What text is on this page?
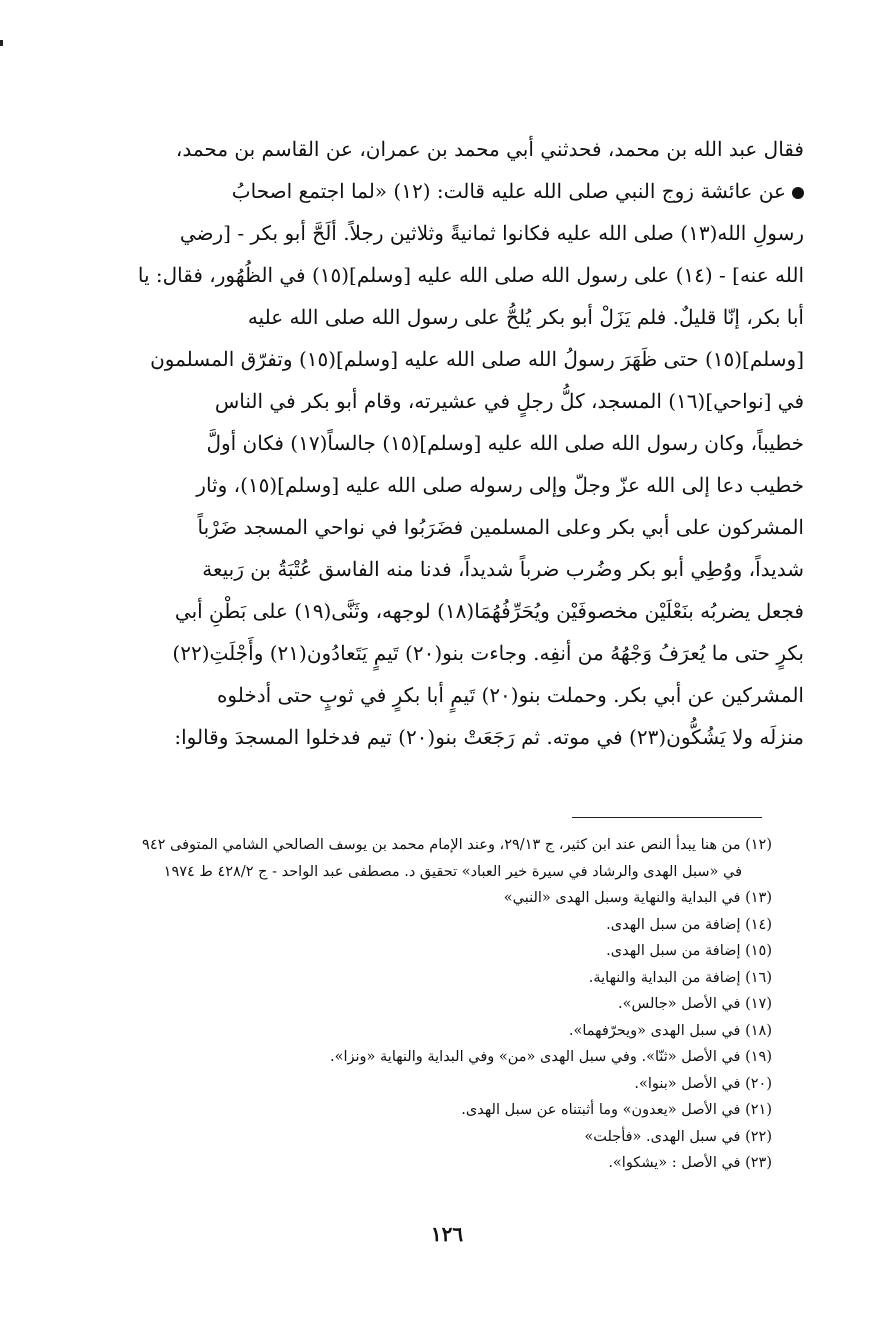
فقال عبد الله بن محمد، فحدثني أبي محمد بن عمران، عن القاسم بن محمد،
عن عائشة زوج النبي صلى الله عليه قالت: (١٢) «لما اجتمع اصحابُ
رسولِ الله(١٣) صلى الله عليه فكانوا ثمانيةً وثلاثين رجلاً. ألَحَّ أبو بكر - [رضي
الله عنه] - (١٤) على رسول الله صلى الله عليه [وسلم](١٥) في الظُهُور، فقال: يا
أبا بكر، إنّا قليلٌ. فلم يَزَلْ أبو بكر يُلحُّ على رسول الله صلى الله عليه
[وسلم](١٥) حتى ظَهَرَ رسولُ الله صلى الله عليه [وسلم](١٥) وتفرّق المسلمون
في [نواحي](١٦) المسجد، كلُّ رجلٍ في عشيرته، وقام أبو بكر في الناس
خطيباً، وكان رسول الله صلى الله عليه [وسلم](١٥) جالساً(١٧) فكان أولَّ
خطيب دعا إلى الله عزّ وجلّ وإلى رسوله صلى الله عليه [وسلم](١٥)، وثار
المشركون على أبي بكر وعلى المسلمين فضَرَبُوا في نواحي المسجد ضَرْباً
شديداً، ووُطِي أبو بكر وضُرب ضرباً شديداً، فدنا منه الفاسق عُتْبَةُ بن رَبيعة
فجعل يضربُه بنَعْلَيْن مخصوفَيْن ويُحَرِّفُهُمَا(١٨) لوجهه، وثَنَّى(١٩) على بَطْنِ أبي
بكرٍ حتى ما يُعرَفُ وَجْهُهُ من أنفِه. وجاءت بنو(٢٠) تَيمٍ يَتَعادُون(٢١) وأَجْلَتِ(٢٢)
المشركين عن أبي بكر. وحملت بنو(٢٠) تَيمٍ أبا بكرٍ في ثوبٍ حتى أدخلوه
منزلَه ولا يَشُكُّون(٢٣) في موته. ثم رَجَعَتْ بنو(٢٠) تيم فدخلوا المسجدَ وقالوا:
(١٢) من هنا يبدأ النص عند ابن كثير، ج ٢٩/١٣، وعند الإمام محمد بن يوسف الصالحي الشامي المتوفى ٩٤٢
في «سبل الهدى والرشاد في سيرة خير العباد» تحقيق د. مصطفى عبد الواحد - ج ٤٢٨/٢ ط ١٩٧٤
(١٣) في البداية والنهاية وسبل الهدى «النبي»
(١٤) إضافة من سبل الهدى.
(١٥) إضافة من سبل الهدى.
(١٦) إضافة من البداية والنهاية.
(١٧) في الأصل «جالس».
(١٨) في سبل الهدى «ويحرّفهما».
(١٩) في الأصل «ثنّا». وفي سبل الهدى «من» وفي البداية والنهاية «ونزا».
(٢٠) في الأصل «بنوا».
(٢١) في الأصل «يعدون» وما أثبتناه عن سبل الهدى.
(٢٢) في سبل الهدى. «فأجلت»
(٢٣) في الأصل : «يشكوا».
١٢٦
